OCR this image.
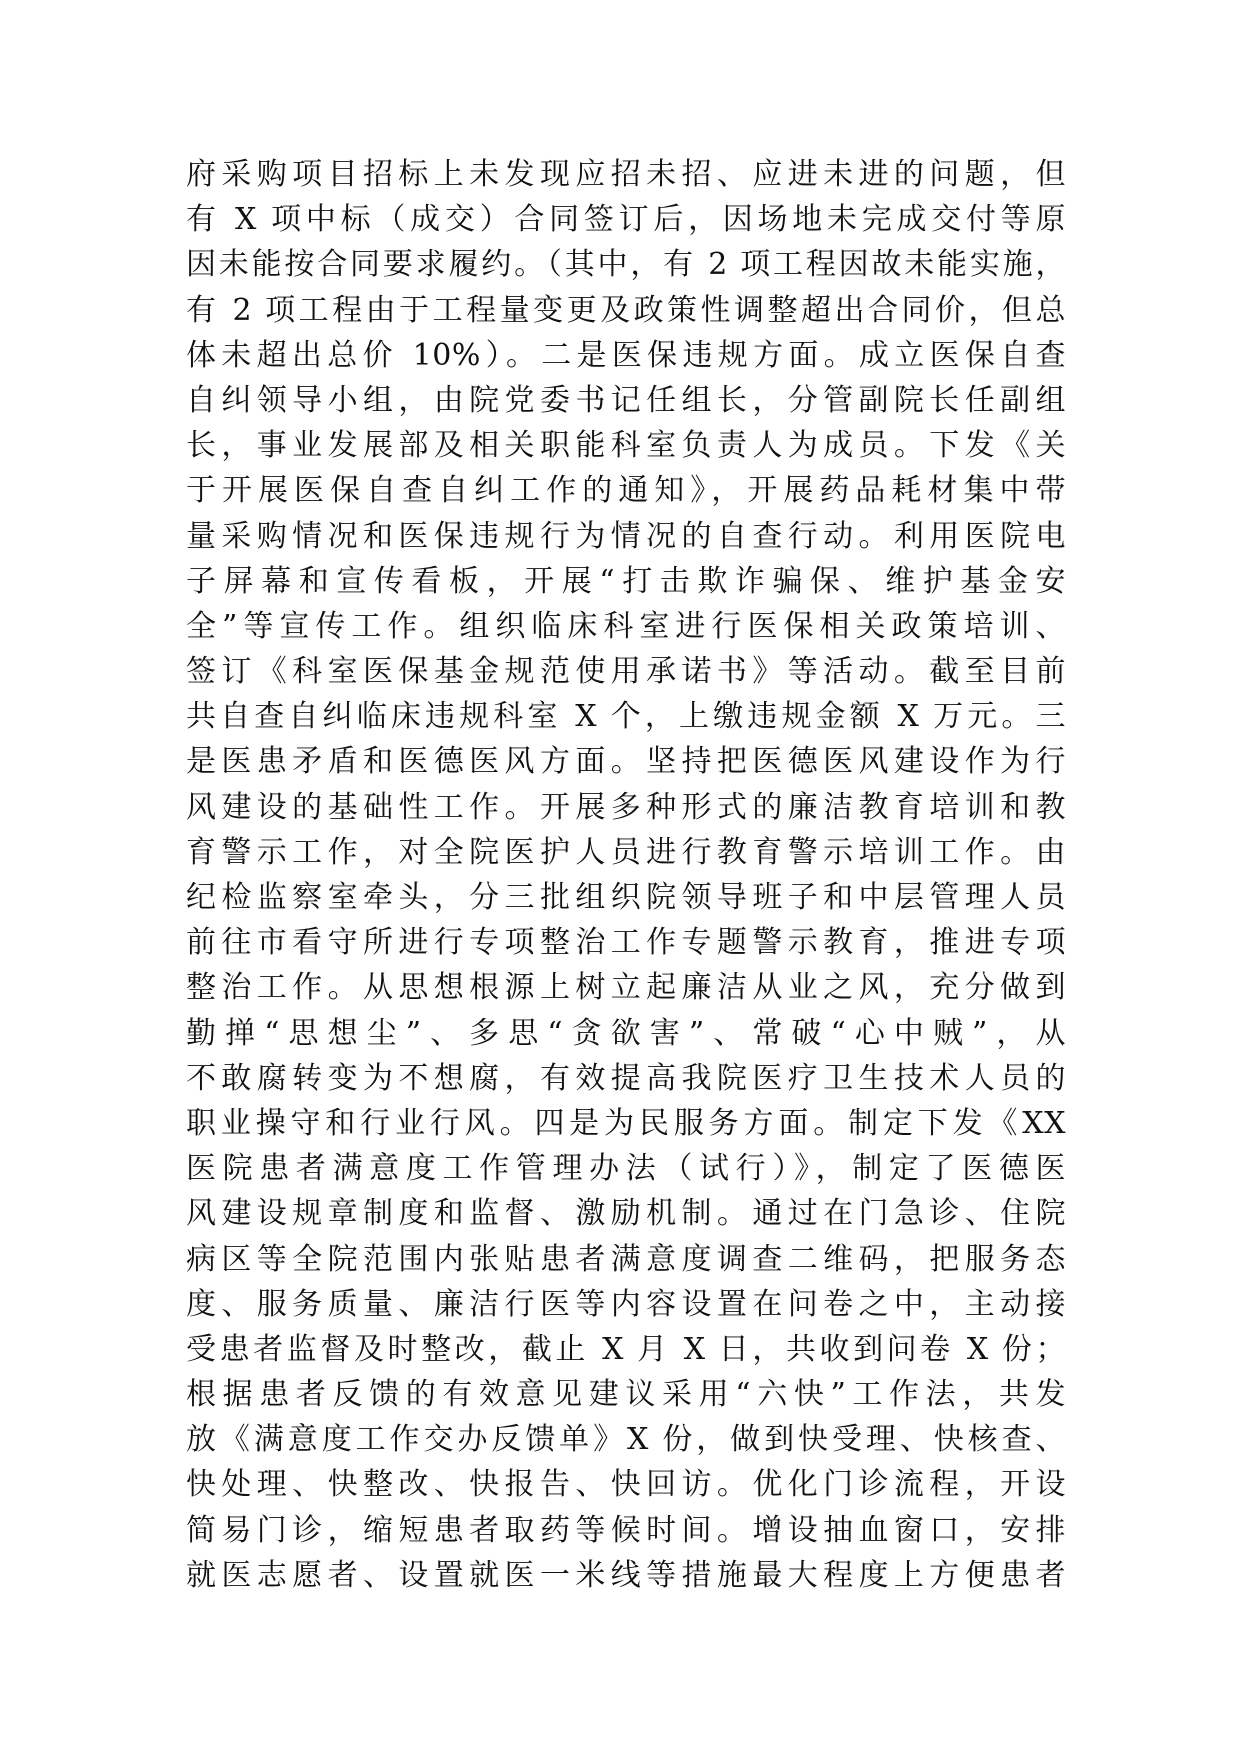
府采购项目招标上未发现应招未招、应进未进的问题，但
有 X 项中标（成交）合同签订后，因场地未完成交付等原
因未能按合同要求履约。（其中，有 2 项工程因故未能实施，
有 2 项工程由于工程量变更及政策性调整超出合同价，但总
体未超出总价 10%）。二是医保违规方面。成立医保自查
自纠领导小组，由院党委书记任组长，分管副院长任副组
长，事业发展部及相关职能科室负责人为成员。下发《关
于开展医保自查自纠工作的通知》，开展药品耗材集中带
量采购情况和医保违规行为情况的自查行动。利用医院电
子屏幕和宣传看板，开展“打击欺诈骗保、维护基金安
全”等宣传工作。组织临床科室进行医保相关政策培训、
签订《科室医保基金规范使用承诺书》等活动。截至目前
共自查自纠临床违规科室 X 个，上缴违规金额 X 万元。三
是医患矛盾和医德医风方面。坚持把医德医风建设作为行
风建设的基础性工作。开展多种形式的廉洁教育培训和教
育警示工作，对全院医护人员进行教育警示培训工作。由
纪检监察室牵头，分三批组织院领导班子和中层管理人员
前往市看守所进行专项整治工作专题警示教育，推进专项
整治工作。从思想根源上树立起廉洁从业之风，充分做到
勤掸“思想尘”、多思“贪欲害”、常破“心中贼”，从
不敢腐转变为不想腐，有效提高我院医疗卫生技术人员的
职业操守和行业行风。四是为民服务方面。制定下发《XX
医院患者满意度工作管理办法（试行）》，制定了医德医
风建设规章制度和监督、激励机制。通过在门急诊、住院
病区等全院范围内张贴患者满意度调查二维码，把服务态
度、服务质量、廉洁行医等内容设置在问卷之中，主动接
受患者监督及时整改，截止 X 月 X 日，共收到问卷 X 份；
根据患者反馈的有效意见建议采用“六快”工作法，共发
放《满意度工作交办反馈单》X 份，做到快受理、快核查、
快处理、快整改、快报告、快回访。优化门诊流程，开设
简易门诊，缩短患者取药等候时间。增设抽血窗口，安排
就医志愿者、设置就医一米线等措施最大程度上方便患者
